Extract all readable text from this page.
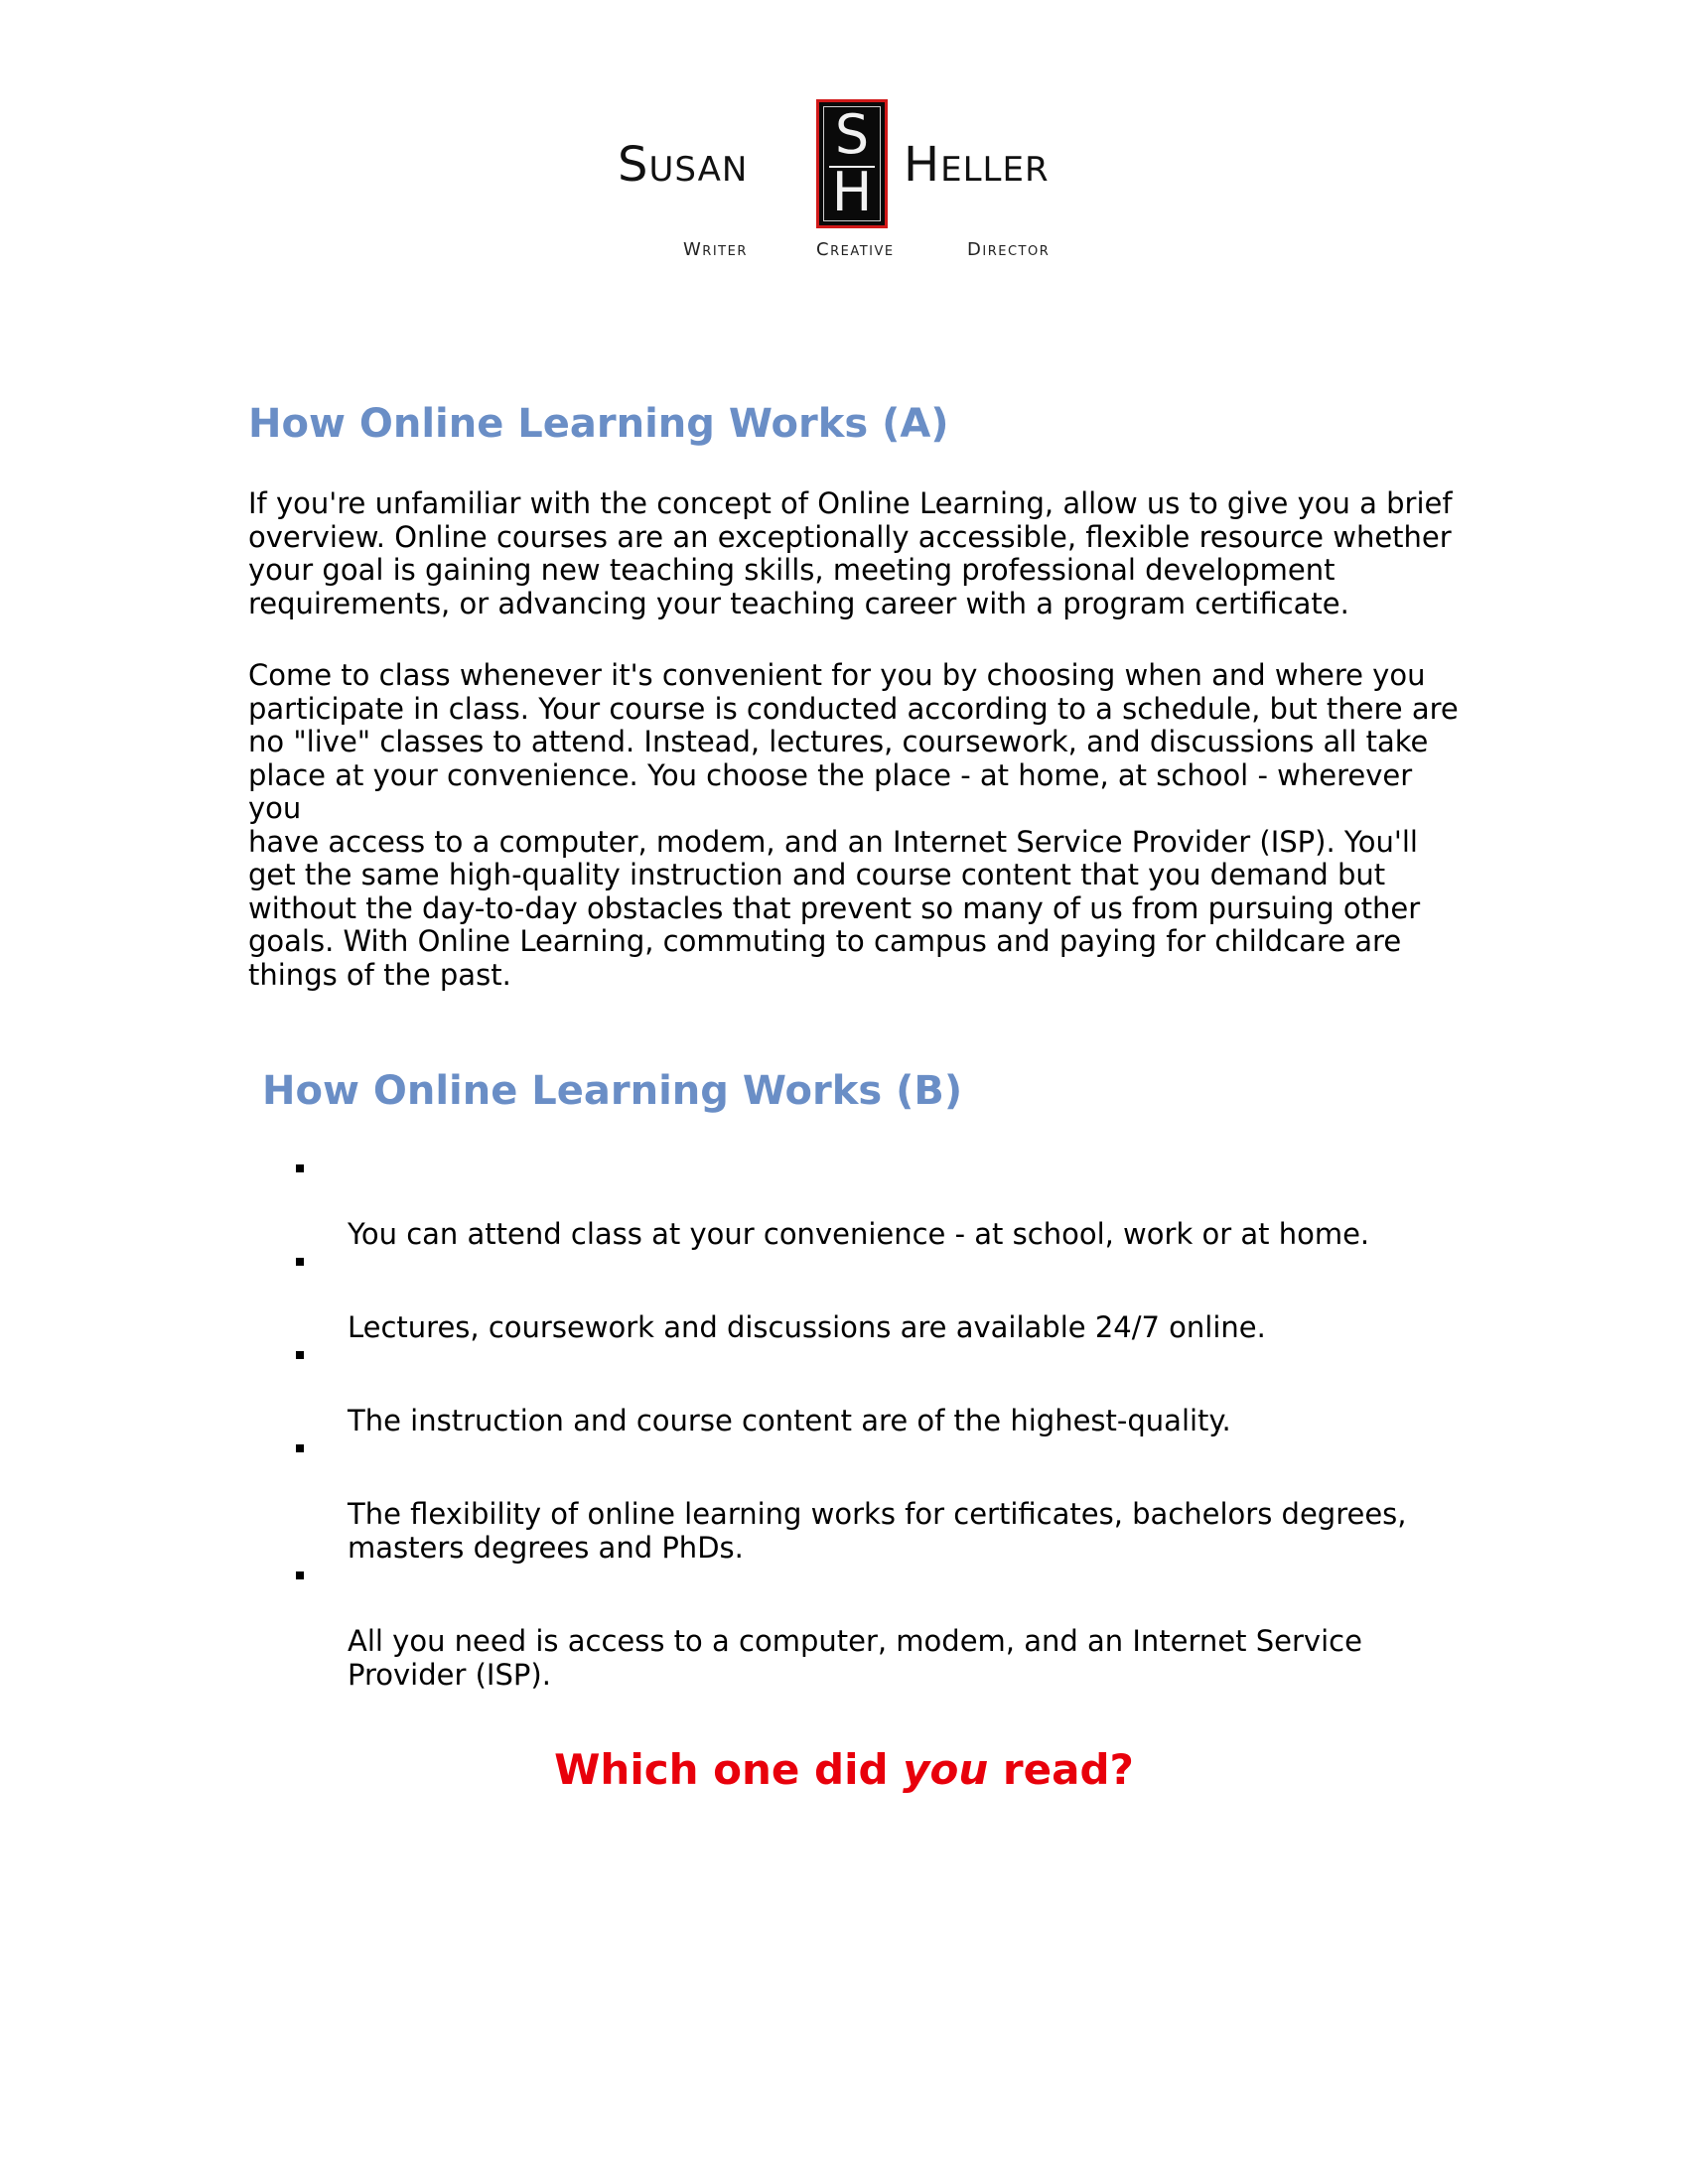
Susan S
H Heller
Writer	Creative	Director
How Online Learning Works (A)

If you're unfamiliar with the concept of Online Learning, allow us to give you a brief
overview. Online courses are an exceptionally accessible, flexible resource whether
your goal is gaining new teaching skills, meeting professional development
requirements, or advancing your teaching career with a program certificate.

Come to class whenever it's convenient for you by choosing when and where you
participate in class. Your course is conducted according to a schedule, but there are
no "live" classes to attend. Instead, lectures, coursework, and discussions all take
place at your convenience. You choose the place - at home, at school - wherever you
have access to a computer, modem, and an Internet Service Provider (ISP). You'll
get the same high-quality instruction and course content that you demand but
without the day-to-day obstacles that prevent so many of us from pursuing other
goals. With Online Learning, commuting to campus and paying for childcare are
things of the past.

How Online Learning Works (B)

You can attend class at your convenience - at school, work or at home.

Lectures, coursework and discussions are available 24/7 online.

The instruction and course content are of the highest-quality.

The flexibility of online learning works for certificates, bachelors degrees,
masters degrees and PhDs.

All you need is access to a computer, modem, and an Internet Service
Provider (ISP).

Which one did you read?
